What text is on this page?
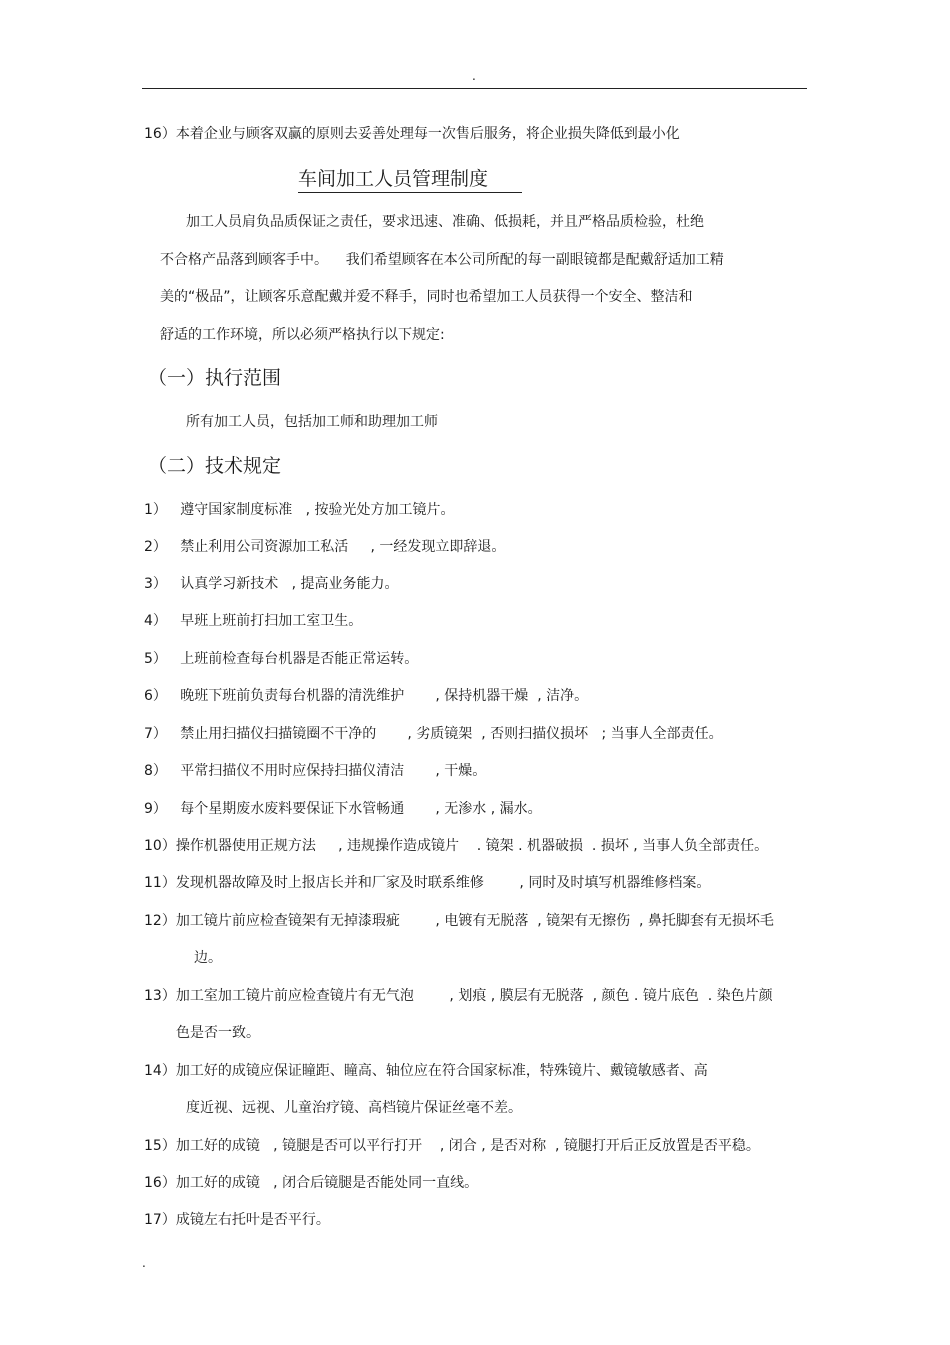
.
16）本着企业与顾客双赢的原则去妥善处理每一次售后服务，将企业损失降低到最小化
车间加工人员管理制度
加工人员肩负品质保证之责任，要求迅速、准确、低损耗，并且严格品质检验，杜绝
不合格产品落到顾客手中。    我们希望顾客在本公司所配的每一副眼镜都是配戴舒适加工精
美的“极品”，让顾客乐意配戴并爱不释手，同时也希望加工人员获得一个安全、整洁和
舒适的工作环境，所以必须严格执行以下规定:
（一）执行范围
所有加工人员，包括加工师和助理加工师
（二）技术规定
1）   遵守国家制度标准   , 按验光处方加工镜片。
2）   禁止利用公司资源加工私活     , 一经发现立即辞退。
3）   认真学习新技术   , 提高业务能力。
4）   早班上班前打扫加工室卫生。
5）   上班前检查每台机器是否能正常运转。
6）   晚班下班前负责每台机器的清洗维护       , 保持机器干燥  , 洁净。
7）   禁止用扫描仪扫描镜圈不干净的       , 劣质镜架  , 否则扫描仪损坏   ; 当事人全部责任。
8）   平常扫描仪不用时应保持扫描仪清洁       , 干燥。
9）   每个星期废水废料要保证下水管畅通       , 无渗水 , 漏水。
10）操作机器使用正规方法     , 违规操作造成镜片    . 镜架 . 机器破损  . 损坏 , 当事人负全部责任。
11）发现机器故障及时上报店长并和厂家及时联系维修        , 同时及时填写机器维修档案。
12）加工镜片前应检查镜架有无掉漆瑕疵        , 电镀有无脱落  , 镜架有无擦伤  , 鼻托脚套有无损坏毛
边。
13）加工室加工镜片前应检查镜片有无气泡        , 划痕 , 膜层有无脱落  , 颜色 . 镜片底色  . 染色片颜
色是否一致。
14）加工好的成镜应保证瞳距、瞳高、轴位应在符合国家标准，特殊镜片、戴镜敏感者、高
度近视、远视、儿童治疗镜、高档镜片保证丝毫不差。
15）加工好的成镜   , 镜腿是否可以平行打开    , 闭合 , 是否对称  , 镜腿打开后正反放置是否平稳。
16）加工好的成镜   , 闭合后镜腿是否能处同一直线。
17）成镜左右托叶是否平行。
.
